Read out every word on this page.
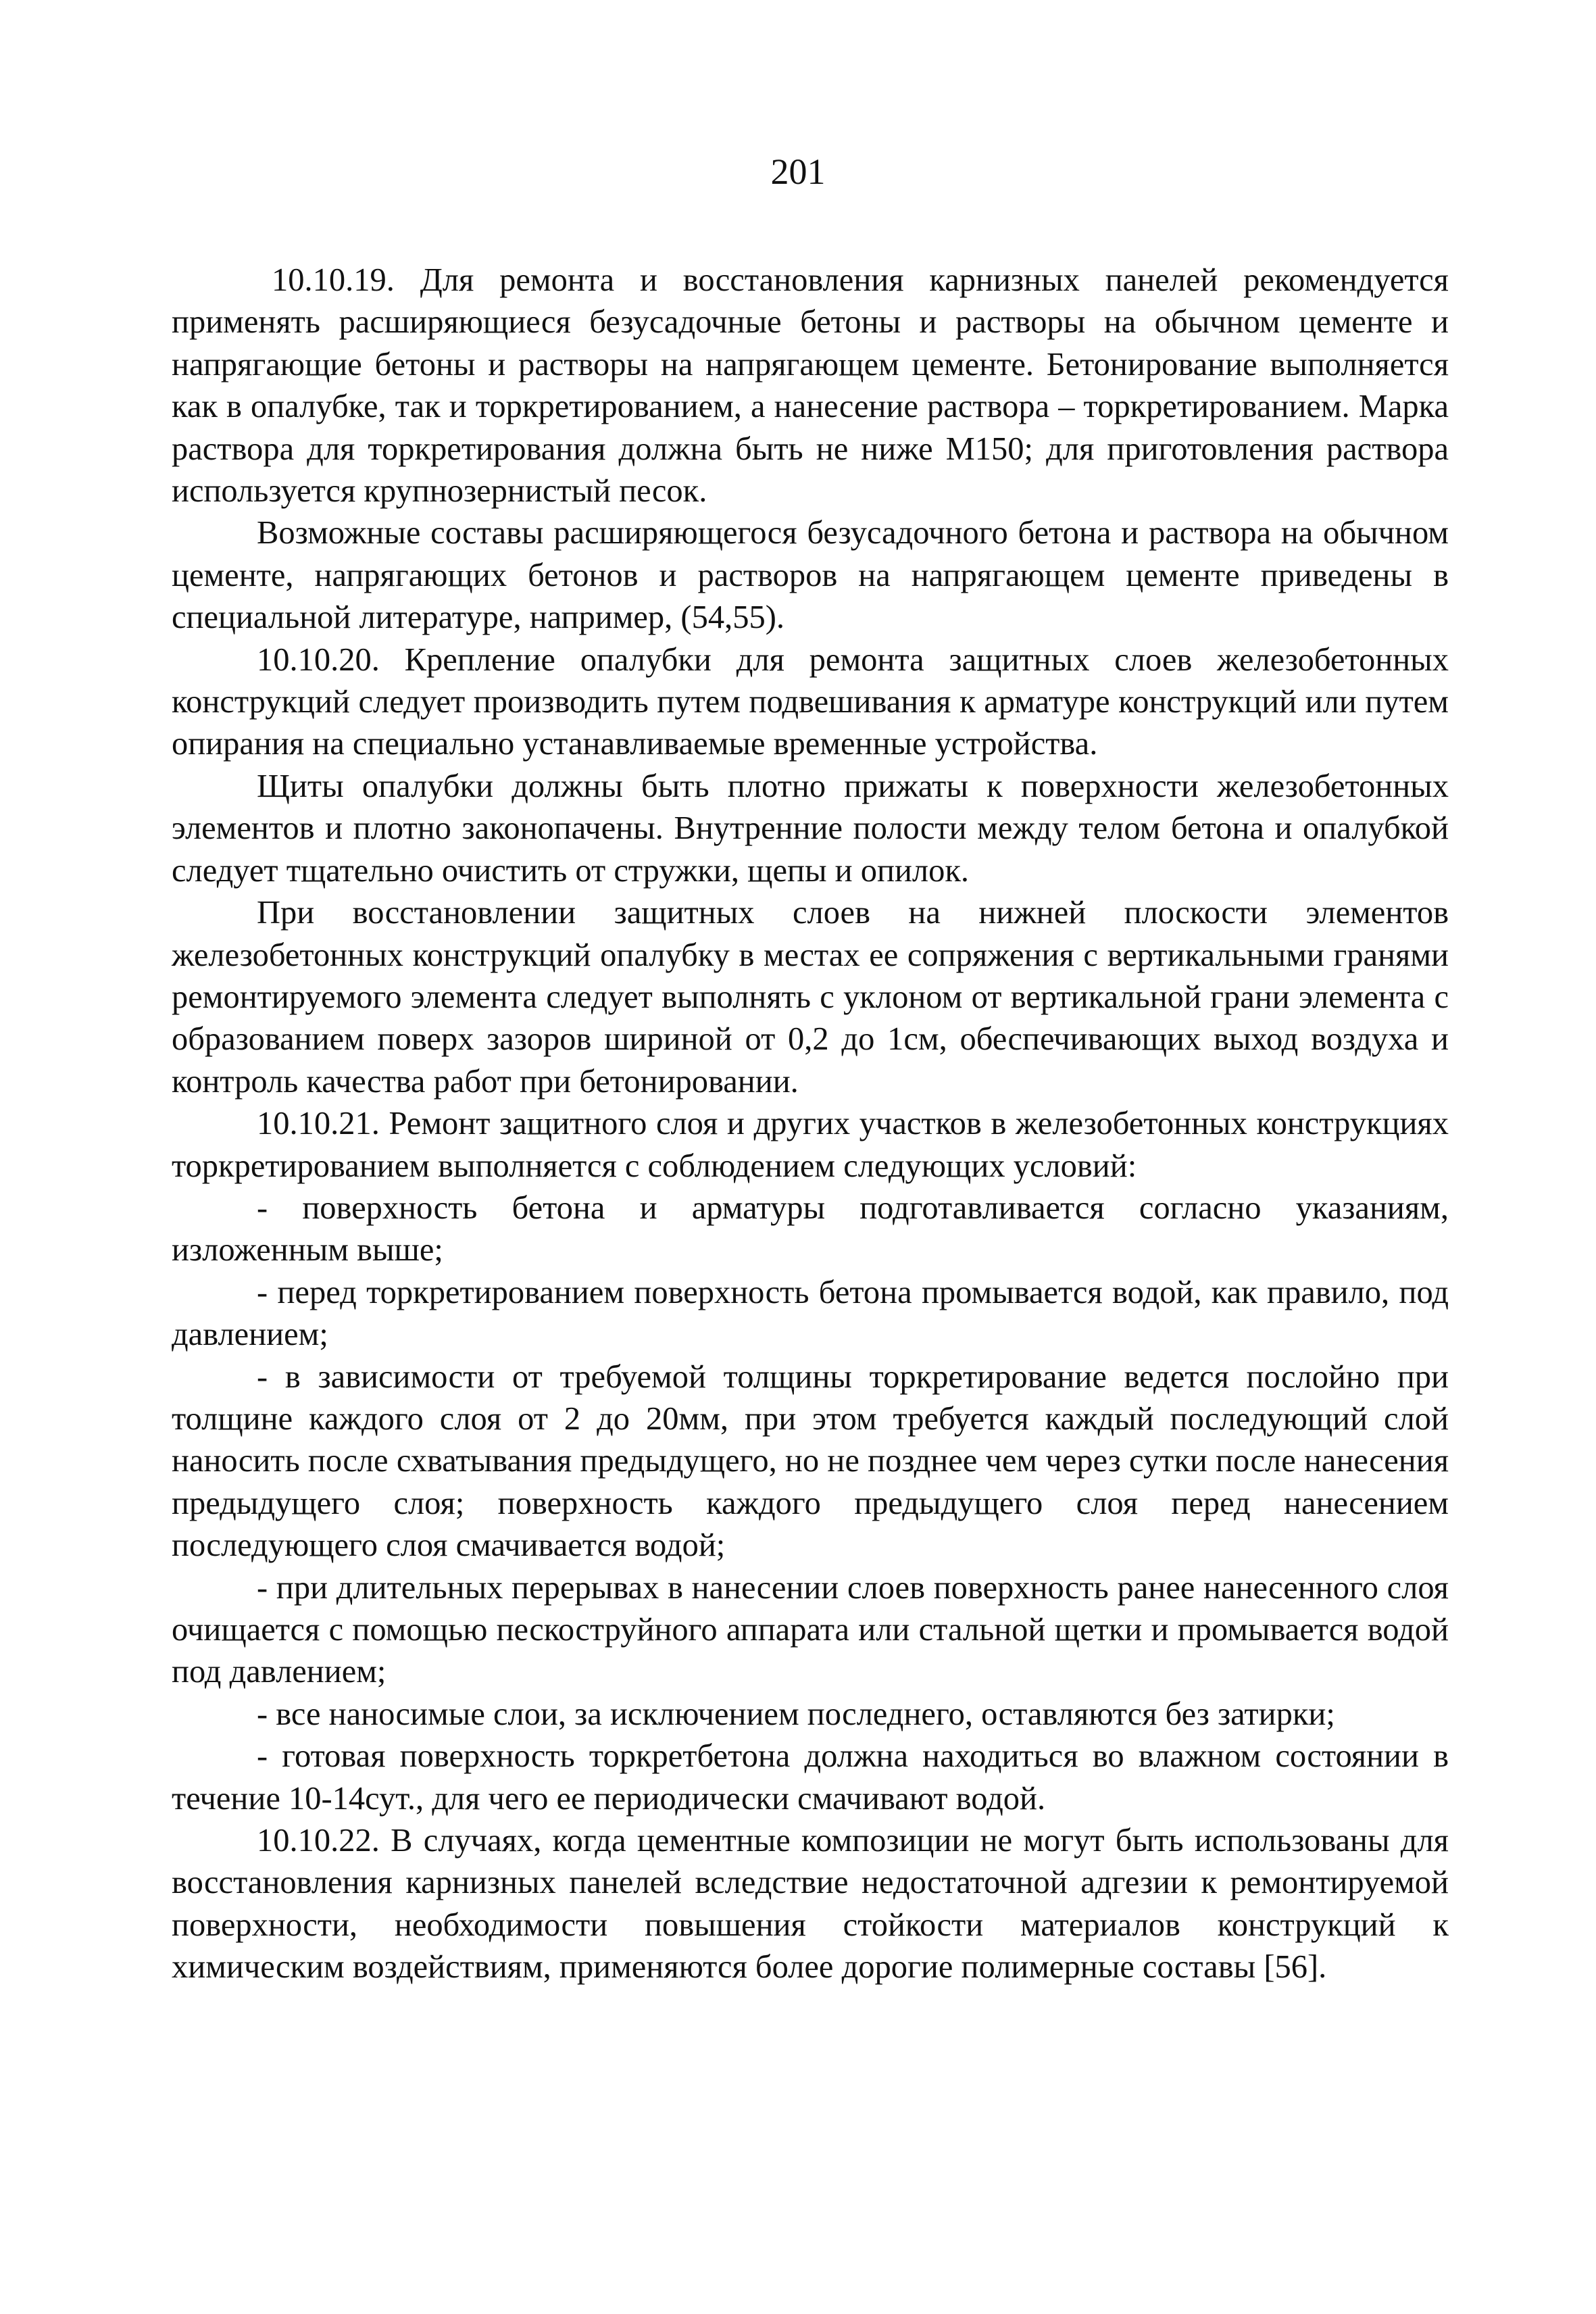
201

10.10.19. Для ремонта и восстановления карнизных панелей рекомендуется применять расширяющиеся безусадочные бетоны и растворы на обычном цементе и напрягающие бетоны и растворы на напрягающем цементе. Бетонирование выполняется как в опалубке, так и торкретированием, а нанесение раствора – торкретированием. Марка раствора для торкретирования должна быть не ниже М150; для приготовления раствора используется крупнозернистый песок.

Возможные составы расширяющегося безусадочного бетона и раствора на обычном цементе, напрягающих бетонов и растворов на напрягающем цементе приведены в специальной литературе, например, (54,55).

10.10.20. Крепление опалубки для ремонта защитных слоев железобетонных конструкций следует производить путем подвешивания к арматуре конструкций или путем опирания на специально устанавливаемые временные устройства.

Щиты опалубки должны быть плотно прижаты к поверхности железобетонных элементов и плотно законопачены. Внутренние полости между телом бетона и опалубкой следует тщательно очистить от стружки, щепы и опилок.

При восстановлении защитных слоев на нижней плоскости элементов железобетонных конструкций опалубку в местах ее сопряжения с вертикальными гранями ремонтируемого элемента следует выполнять с уклоном от вертикальной грани элемента с образованием поверх зазоров шириной от 0,2 до 1см, обеспечивающих выход воздуха и контроль качества работ при бетонировании.

10.10.21. Ремонт защитного слоя и других участков в железобетонных конструкциях торкретированием выполняется с соблюдением следующих условий:

- поверхность бетона и арматуры подготавливается согласно указаниям, изложенным выше;

- перед торкретированием поверхность бетона промывается водой, как правило, под давлением;

- в зависимости от требуемой толщины торкретирование ведется послойно при толщине каждого слоя от 2 до 20мм, при этом требуется каждый последующий слой наносить после схватывания предыдущего, но не позднее чем через сутки после нанесения предыдущего слоя; поверхность каждого предыдущего слоя перед нанесением последующего слоя смачивается водой;

- при длительных перерывах в нанесении слоев поверхность ранее нанесенного слоя очищается с помощью пескоструйного аппарата или стальной щетки и промывается водой под давлением;

- все наносимые слои, за исключением последнего, оставляются без затирки;

- готовая поверхность торкретбетона должна находиться во влажном состоянии в течение 10-14сут., для чего ее периодически смачивают водой.

10.10.22. В случаях, когда цементные композиции не могут быть использованы для восстановления карнизных панелей вследствие недостаточной адгезии к ремонтируемой поверхности, необходимости повышения стойкости материалов конструкций к химическим воздействиям, применяются более дорогие полимерные составы [56].
